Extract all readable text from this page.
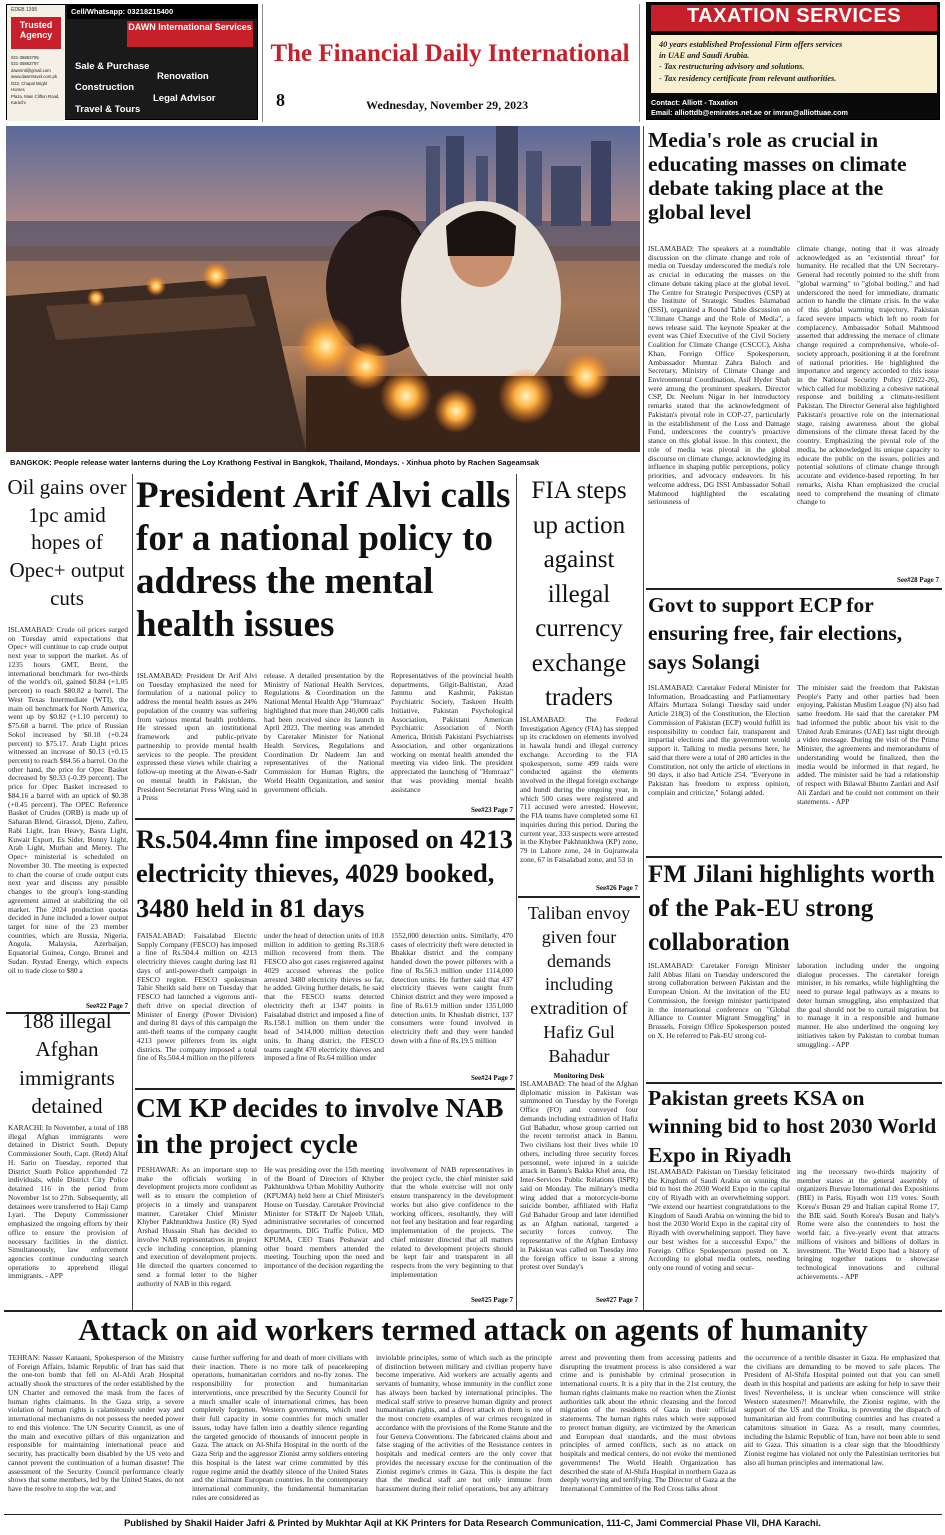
EDEB 1395
Trusted Agency
021-35863795
021-35863797
dawnintl@gmail.com
www.dawntravel.com.pk
D22, Chapal Bright Homes
Plaza, Main Clifton Road,
Karachi
Cell/Whatsapp: 03218215400
DAWN International Services
Sale & Purchase
Renovation
Construction
Legal Advisor
Travel & Tours
The Financial Daily International
8	Wednesday, November 29, 2023
TAXATION SERVICES
40 years established Professional Firm offers services
in UAE and Saudi Arabia.
- Tax restructuring advisory and solutions.
- Tax residency certificate from relevant authorities.
Contact: Alliott - Taxation
Email: alliottdb@emirates.net.ae or imran@alliottuae.com
BANGKOK: People release water lanterns during the Loy Krathong Festival in Bangkok, Thailand, Mondays. - Xinhua photo by Rachen Sageamsak
Media's role as crucial in educating masses on climate debate taking place at the global level
ISLAMABAD: The speakers at a roundtable discussion on the climate change and role of media on Tuesday underscored the media's role as crucial in educating the masses on the climate debate taking place at the global level. The Centre for Strategic Perspectives (CSP) at the Institute of Strategic Studies Islamabad (ISSI), organized a Round Table discussion on "Climate Change and the Role of Media", a news release said. The keynote Speaker at the event was Chief Executive of the Civil Society Coalition for Climate Change (CSCCC), Aisha Khan, Foreign Office Spokesperson, Ambassador Mumtaz Zahra Baloch and Secretary, Ministry of Climate Change and Environmental Coordination, Asif Hyder Shah were among the prominent speakers. Director CSP, Dr. Neelum Nigar in her introductory remarks stated that the acknowledgment of Pakistan's pivotal role in COP-27, particularly in the establishment of the Loss and Damage Fund, underscores the country's proactive stance on this global issue. In this context, the role of media was pivotal in the global discourse on climate change, acknowledging its influence in shaping public perceptions, policy priorities, and advocacy endeavors. In his welcome address, DG ISSI Ambassador Sohail Mahmood highlighted the escalating seriousness of
climate change, noting that it was already acknowledged as an "existential threat" for humanity. He recalled that the UN Secretary-General had recently pointed to the shift from "global warming" to "global boiling," and had underscored the need for immediate, dramatic action to handle the climate crisis. In the wake of this global warming trajectory, Pakistan faced severe impacts which left no room for complacency. Ambassador Sohail Mahmood asserted that addressing the menace of climate change required a comprehensive, whole-of-society approach, positioning it at the forefront of national priorities. He highlighted the importance and urgency accorded to this issue in the National Security Policy (2022-26), which called for mobilizing a cohesive national response and building a climate-resilient Pakistan. The Director General also highlighted Pakistan's proactive role on the international stage, raising awareness about the global dimensions of the climate threat faced by the country. Emphasizing the pivotal role of the media, he acknowledged its unique capacity to educate the public on the issues, policies and potential solutions of climate change through accurate and evidence-based reporting. In her remarks, Aisha Khan emphasized the crucial need to comprehend the meaning of climate change to
See#28 Page 7
Oil gains over 1pc amid hopes of Opec+ output cuts
ISLAMABAD: Crude oil prices surged on Tuesday amid expectations that Opec+ will continue to cap crude output next year to support the market. As of 1235 hours GMT, Brent, the international benchmark for two-thirds of the world's oil, gained $0.84 (+1.05 percent) to reach $80.82 a barrel. The West Texas Intermediate (WTI), the main oil benchmark for North America, went up by $0.82 (+1.10 percent) to $75.68 a barrel. The price of Russian Sokol increased by $0.18 (+0.24 percent) to $75.17. Arab Light prices witnessed an increase of $0.13 (+0.15 percent) to reach $84.56 a barrel. On the other hand, the price for Opec Basket decreased by $0.33 (-0.39 percent). The price for Opec Basket increased to $84.16 a barrel with an uptick of $0.38 (+0.45 percent). The OPEC Reference Basket of Crudes (ORB) is made up of Saharan Blend, Girassol, Djeno, Zafiro, Rabi Light, Iran Heavy, Basra Light, Kuwait Export, Es Sider, Bonny Light, Arab Light, Murban and Merey. The Opec+ ministerial is scheduled on November 30. The meeting is expected to chart the course of crude output cuts next year and discuss any possible changes to the group's long-standing agreement aimed at stabilizing the oil market. The 2024 production quotas decided in June included a lower output target for nine of the 23 member countries, which are Russia, Nigeria, Angola, Malaysia, Azerbaijan, Equatorial Guinea, Congo, Brunei and Sudan. Rystad Energy, which expects oil to trade close to $80 a
See#22 Page 7
188 illegal Afghan immigrants detained
KARACHI: In November, a total of 188 illegal Afghan immigrants were detained in District South. Deputy Commissioner South, Capt. (Retd) Altaf H. Sario on Tuesday, reported that District South Police apprehended 72 individuals, while District City Police detained 116 in the period from November 1st to 27th. Subsequently, all detainees were transferred to Haji Camp Lyari. The Deputy Commissioner emphasized the ongoing efforts by their office to ensure the provision of necessary facilities in the district. Simultaneously, law enforcement agencies continue conducting search operations to apprehend illegal immigrants. - APP
President Arif Alvi calls for a national policy to address the mental health issues
ISLAMABAD: President Dr Arif Alvi on Tuesday emphasized the need for formulation of a national policy to address the mental health issues as 24% population of the country was suffering from various mental health problems. He stressed upon an institutional framework and public-private partnership to provide mental health services to the people. The president expressed these views while chairing a follow-up meeting at the Aiwan-e-Sadr on mental health in Pakistan, the President Secretariat Press Wing said in a Press
release. A detailed presentation by the Ministry of National Health Services, Regulations & Coordination on the National Mental Health App "Humraaz" highlighted that more than 240,000 calls had been received since its launch in April 2023. The meeting was attended by Caretaker Minister for National Health Services, Regulations and Coordination Dr Nadeem Jan and representatives of the National Commission for Human Rights, the World Health Organization, and senior government officials.
Representatives of the provincial health departments, Gilgit-Baltistan, Azad Jammu and Kashmir, Pakistan Psychiatric Society, Taskeen Health Initiative, Pakistan Psychological Association, Pakistani American Psychiatric Association of North America, British Pakistani Psychiatrists Association, and other organizations working on mental health attended the meeting via video link. The president appreciated the launching of "Humraaz" that was providing mental health assistance
See#23 Page 7
Rs.504.4mn fine imposed on 4213 electricity thieves, 4029 booked, 3480 held in 81 days
FAISALABAD: Faisalabad Electric Supply Company (FESCO) has imposed a fine of Rs.504.4 million on 4213 electricity thieves caught during last 81 days of anti-power-theft campaign in FESCO region. FESCO spokesman Tahir Sheikh said here on Tuesday that FESCO had launched a vigorous anti-theft drive on special direction of Minister of Energy (Power Division) and during 81 days of this campaign the anti-theft teams of the company caught 4213 power pilferers from its eight districts. The company imposed a total fine of Rs.504.4 million on the pilferers
under the head of detection units of 10.8 million in addition to getting Rs.318.6 million recovered from them. The FESCO also got cases registered against 4029 accused whereas the police arrested 3480 electricity thieves so far, he added. Giving further details, he said that the FESCO teams detected electricity theft at 1347 points in Faisalabad district and imposed a fine of Rs.158.1 million on them under the head of 3414,000 million detection units. In Jhang district, the FESCO teams caught 470 electricity thieves and imposed a fine of Rs.64 million under
1552,000 detection units. Similarly, 470 cases of electricity theft were detected in Bhakkar district and the company handed down the power pilferers with a fine of Rs.56.3 million under 1114,000 detection units. He further said that 437 electricity thieves were caught from Chiniot district and they were imposed a fine of Rs.61.9 million under 1351,000 detection units. In Khushab district, 137 consumers were found involved in electricity theft and they were handed down with a fine of Rs.19.5 million
See#24 Page 7
CM KP decides to involve NAB in the project cycle
PESHAWAR: As an important step to make the officials working in development projects more confident as well as to ensure the completion of projects in a timely and transparent manner, Caretaker Chief Minister Khyber Pakhtunkhwa Justice (R) Syed Arshad Hussain Shah has decided to involve NAB representatives in project cycle including conception, planning and execution of development projects. He directed the quarters concerned to send a formal letter to the higher authority of NAB in this regard.
He was presiding over the 15th meeting of the Board of Directors of Khyber Pakhtunkhwa Urban Mobility Authority (KPUMA) held here at Chief Minister's House on Tuesday. Caretaker Provincial Minister for ST&IT Dr Najeeb Ullah, administrative secretaries of concerned departments, DIG Traffic Police, MD KPUMA, CEO Trans Peshawar and other board members attended the meeting. Touching upon the need and importance of the decision regarding the
involvement of NAB representatives in the project cycle, the chief minister said that the whole exercise will not only ensure transparency in the development works but also give confidence to the working officers, resultantly, they will not feel any hesitation and fear regarding implementation of the projects. The chief minister directed that all matters related to development projects should be kept fair and transparent in all respects from the very beginning to that implementation
See#25 Page 7
FIA steps up action against illegal currency exchange traders
ISLAMABAD: The Federal Investigation Agency (FIA) has stepped up its crackdown on elements involved in hawala hundi and illegal currency exchange. According to the FIA spokesperson, some 499 raids were conducted against the elements involved in the illegal foreign exchange and hundi during the ongoing year, in which 500 cases were registered and 711 accused were arrested. However, the FIA teams have completed some 61 inquiries during this period. During the current year, 333 suspects were arrested in the Khyber Pakhtunkhwa (KP) zone, 79 in Lahore zone, 24 in Gujranwala zone, 67 in Faisalabad zone, and 53 in
See#26 Page 7
Taliban envoy given four demands including extradition of Hafiz Gul Bahadur
Monitoring Desk
ISLAMABAD: The head of the Afghan diplomatic mission in Pakistan was summoned on Tuesday by the Foreign Office (FO) and conveyed four demands including extradition of Hafiz Gul Bahadur, whose group carried out the recent terrorist attack in Bannu. Two civilians lost their lives while 10 others, including three security forces personnel, were injured in a suicide attack in Bannu's Bakka Khel area, the Inter-Services Public Relations (ISPR) said on Monday. The military's media wing added that a motorcycle-borne suicide bomber, affiliated with Hafiz Gul Bahadur Group and later identified as an Afghan national, targeted a security forces convoy. The representative of the Afghan Embassy in Pakistan was called on Tuesday into the foreign office to issue a strong protest over Sunday's
See#27 Page 7
Govt to support ECP for ensuring free, fair elections, says Solangi
ISLAMABAD: Caretaker Federal Minister for Information, Broadcasting and Parliamentary Affairs Murtaza Solangi Tuesday said under Article 218(3) of the Constitution, the Election Commission of Pakistan (ECP) would fulfill its responsibility to conduct fair, transparent and impartial elections and the government would support it. Talking to media persons here, he said that there were a total of 280 articles in the Constitution, not only the article of elections in 90 days, it also had Article 254. "Everyone in Pakistan has freedom to express opinion, complain and criticize," Solangi added.
The minister said the freedom that Pakistan People's Party and other parties had been enjoying, Pakistan Muslim League (N) also had same freedom. He said that the caretaker PM had informed the public about his visit to the United Arab Emirates (UAE) last night through a video message. During the visit of the Prime Minister, the agreements and memorandums of understanding would be finalized, then the media would be informed in that regard, he added. The minister said he had a relationship of respect with Bilawal Bhutto Zardari and Asif Ali Zardari and he could not comment on their statements. - APP
FM Jilani highlights worth of the Pak-EU strong collaboration
ISLAMABAD: Caretaker Foreign Minister Jalil Abbas Jilani on Tuesday underscored the strong collaboration between Pakistan and the European Union. At the invitation of the EU Commission, the foreign minister participated in the international conference on "Global Alliance to Counter Migrant Smuggling" in Brussels, Foreign Office Spokesperson posted on X. He referred to Pak-EU strong col-
laboration including under the ongoing dialogue processes. The caretaker foreign minister, in his remarks, while highlighting the need to pursue legal pathways as a means to deter human smuggling, also emphasized that the goal should not be to curtail migration but to manage it in a responsible and humane manner. He also underlined the ongoing key initiatives taken by Pakistan to combat human smuggling. - APP
Pakistan greets KSA on winning bid to host 2030 World Expo in Riyadh
ISLAMABAD: Pakistan on Tuesday felicitated the Kingdom of Saudi Arabia on winning the bid to host the 2030 World Expo in the capital city of Riyadh with an overwhelming support. "We extend our heartiest congratulations to the Kingdom of Saudi Arabia on winning the bid to host the 2030 World Expo in the capital city of Riyadh with overwhelming support. They have our best wishes for a successful Expo," the Foreign Office Spokesperson posted on X. According to global media outlets, needing only one round of voting and secur-
ing the necessary two-thirds majority of member states at the general assembly of organizers Bureau International des Expositions (BIE) in Paris, Riyadh won 119 votes. South Korea's Busan 29 and Italian capital Rome 17, the BIE said. South Korea's Busan and Italy's Rome were also the contenders to host the world fair, a five-yearly event that attracts millions of visitors and billions of dollars in investment. The World Expo had a history of bringing together nations to showcase technological innovations and cultural achievements. - APP
Attack on aid workers termed attack on agents of humanity
TEHRAN: Nasser Kanaani, Spokesperson of the Ministry of Foreign Affairs, Islamic Republic of Iran has said that the one-ton bomb that fell on Al-Ahli Arab Hospital actually shook the structures of the order established by the UN Charter and removed the mask from the faces of human rights claimants. In the Gaza strip, a severe violation of human rights is calamitously under way and international mechanisms do not possess the needed power to end this violence. The UN Security Council, as one of the main and executive pillars of this organization and responsible for maintaining international peace and security, has practically been disabled by the US veto and cannot prevent the continuation of a human disaster! The assessment of the Security Council performance clearly shows that some members, led by the United States, do not have the resolve to stop the war, and
cause further suffering for and death of more civilians with their inaction. There is no more talk of peacekeeping operations, humanitarian corridors and no-fly zones. The responsibility for protection and humanitarian interventions, once prescribed by the Security Council for a much smaller scale of international crimes, has been completely forgotten. Western governments, which used their full capacity in some countries for much smaller issues, today have fallen into a deathly silence regarding the targeted genocide of thousands of innocent people in Gaza. The attack on Al-Shifa Hospital in the north of the Gaza Strip and the aggressor Zionist army soldiers entering this hospital is the latest war crime committed by this rogue regime amid the deathly silence of the United States and the claimant European countries. In the contemporary international community, the fundamental humanitarian rules are considered as
inviolable principles, some of which such as the principle of distinction between military and civilian property have become imperative. Aid workers are actually agents and servants of humanity, whose immunity in the conflict zone has always been backed by international principles. The medical staff strive to preserve human dignity and protect humanitarian rights, and a direct attack on them is one of the most concrete examples of war crimes recognized in accordance with the provisions of the Rome Statute and the four Geneva Conventions. The fabricated claims about and false staging of the activities of the Resistance centers in hospitals and medical centers are the only cover that provides the necessary excuse for the continuation of the Zionist regime's crimes in Gaza. This is despite the fact that the medical staff are not only immune from harassment during their relief operations, but any arbitrary
arrest and preventing them from accessing patients and disrupting the treatment process is also considered a war crime and is punishable by criminal prosecution in international courts. It is a pity that in the 21st century, the human rights claimants make no reaction when the Zionist authorities talk about the ethnic cleansing and the forced migration of the residents of Gaza in their official statements. The human rights rules which were supposed to protect human dignity, are victimized by the American and European dual standards, and the most obvious principles of armed conflicts, such as no attack on hospitals and medical centers, do not evoke the mentioned governments! The World Health Organization has described the state of Al-Shifa Hospital in northern Gaza as deeply worrying and terrifying. The Director of Gaza at the International Committee of the Red Cross talks about
the occurrence of a terrible disaster in Gaza. He emphasized that the civilians are demanding to be moved to safe places. The President of Al-Shifa Hospital pointed out that you can smell death in this hospital and patients are asking for help to save their lives! Nevertheless, it is unclear when conscience will strike Western statesmen?! Meanwhile, the Zionist regime, with the support of the US and the Troika, is preventing the dispatch of humanitarian aid from contributing countries and has created a calamitous situation in Gaza. As a result, many countries, including the Islamic Republic of Iran, have not been able to send aid to Gaza. This situation is a clear sign that the bloodthirsty Zionist regime has violated not only the Palestinian territories but also all human principles and international law.
Published by Shakil Haider Jafri & Printed by Mukhtar Aqil at KK Printers for Data Research Communication, 111-C, Jami Commercial Phase VII, DHA Karachi.
